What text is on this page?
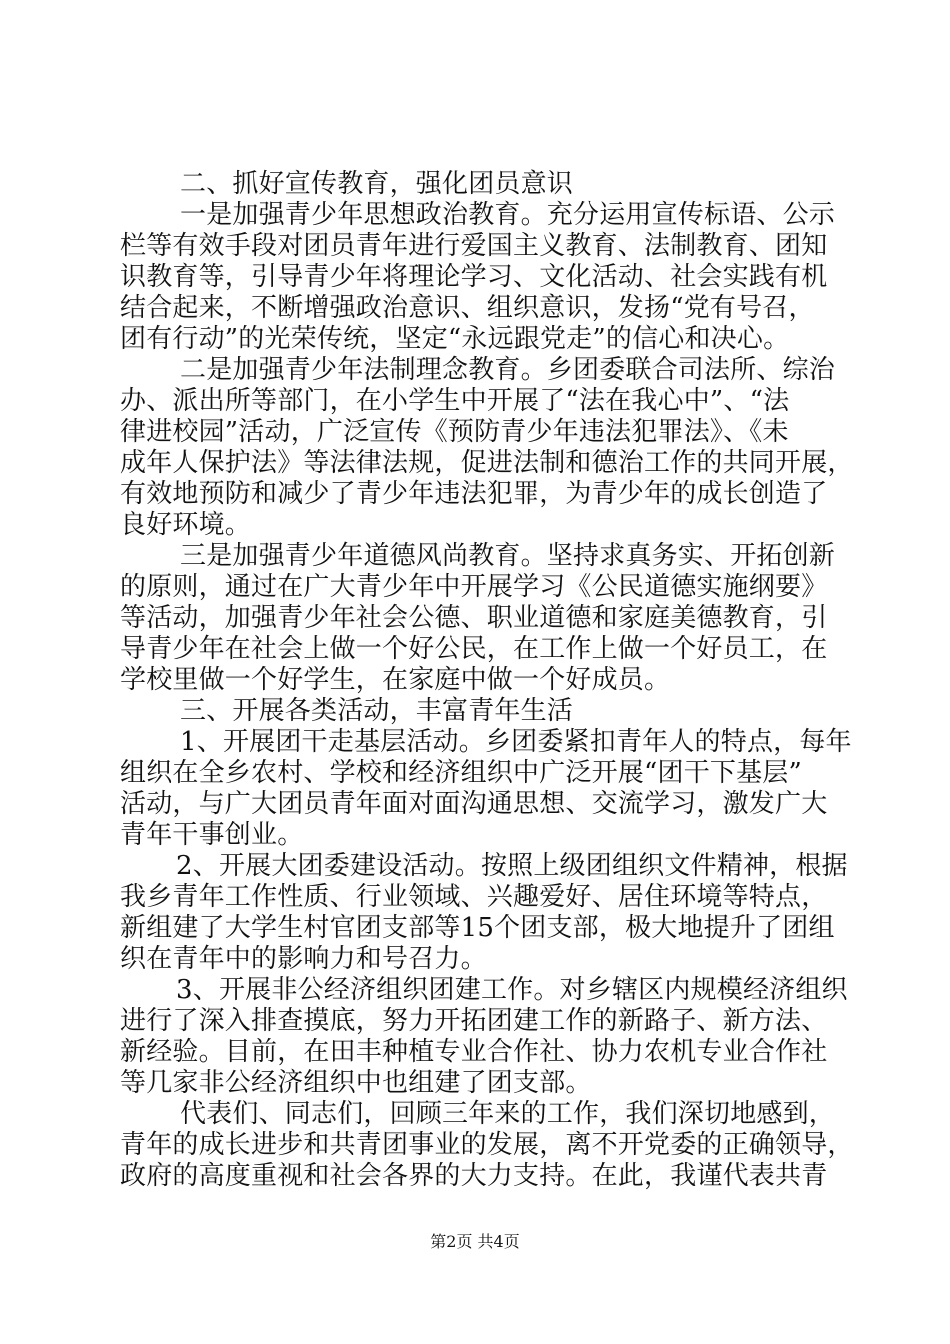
二、抓好宣传教育，强化团员意识
一是加强青少年思想政治教育。充分运用宣传标语、公示
栏等有效手段对团员青年进行爱国主义教育、法制教育、团知
识教育等，引导青少年将理论学习、文化活动、社会实践有机
结合起来，不断增强政治意识、组织意识，发扬“党有号召，
团有行动”的光荣传统，坚定“永远跟党走”的信心和决心。
二是加强青少年法制理念教育。乡团委联合司法所、综治
办、派出所等部门，在小学生中开展了“法在我心中”、“法
律进校园”活动，广泛宣传《预防青少年违法犯罪法》、《未
成年人保护法》等法律法规，促进法制和德治工作的共同开展，
有效地预防和减少了青少年违法犯罪，为青少年的成长创造了
良好环境。
三是加强青少年道德风尚教育。坚持求真务实、开拓创新
的原则，通过在广大青少年中开展学习《公民道德实施纲要》
等活动，加强青少年社会公德、职业道德和家庭美德教育，引
导青少年在社会上做一个好公民，在工作上做一个好员工，在
学校里做一个好学生，在家庭中做一个好成员。
三、开展各类活动，丰富青年生活
1、开展团干走基层活动。乡团委紧扣青年人的特点，每年
组织在全乡农村、学校和经济组织中广泛开展“团干下基层”
活动，与广大团员青年面对面沟通思想、交流学习，激发广大
青年干事创业。
2、开展大团委建设活动。按照上级团组织文件精神，根据
我乡青年工作性质、行业领域、兴趣爱好、居住环境等特点，
新组建了大学生村官团支部等15个团支部，极大地提升了团组
织在青年中的影响力和号召力。
3、开展非公经济组织团建工作。对乡辖区内规模经济组织
进行了深入排查摸底，努力开拓团建工作的新路子、新方法、
新经验。目前，在田丰种植专业合作社、协力农机专业合作社
等几家非公经济组织中也组建了团支部。
代表们、同志们，回顾三年来的工作，我们深切地感到，
青年的成长进步和共青团事业的发展，离不开党委的正确领导，
政府的高度重视和社会各界的大力支持。在此，我谨代表共青
第2页 共4页
